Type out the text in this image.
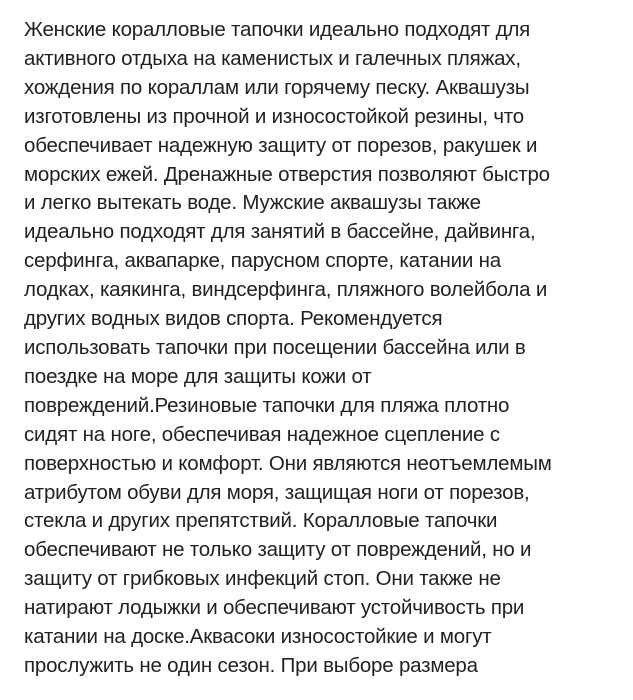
Женские коралловые тапочки идеально подходят для
активного отдыха на каменистых и галечных пляжах,
хождения по кораллам или горячему песку. Аквашузы
изготовлены из прочной и износостойкой резины, что
обеспечивает надежную защиту от порезов, ракушек и
морских ежей. Дренажные отверстия позволяют быстро
и легко вытекать воде. Мужские аквашузы также
идеально подходят для занятий в бассейне, дайвинга,
серфинга, аквапарке, парусном спорте, катании на
лодках, каякинга, виндсерфинга, пляжного волейбола и
других водных видов спорта. Рекомендуется
использовать тапочки при посещении бассейна или в
поездке на море для защиты кожи от
повреждений.Резиновые тапочки для пляжа плотно
сидят на ноге, обеспечивая надежное сцепление с
поверхностью и комфорт. Они являются неотъемлемым
атрибутом обуви для моря, защищая ноги от порезов,
стекла и других препятствий. Коралловые тапочки
обеспечивают не только защиту от повреждений, но и
защиту от грибковых инфекций стоп. Они также не
натирают лодыжки и обеспечивают устойчивость при
катании на доске.Аквасоки износостойкие и могут
прослужить не один сезон. При выборе размера
